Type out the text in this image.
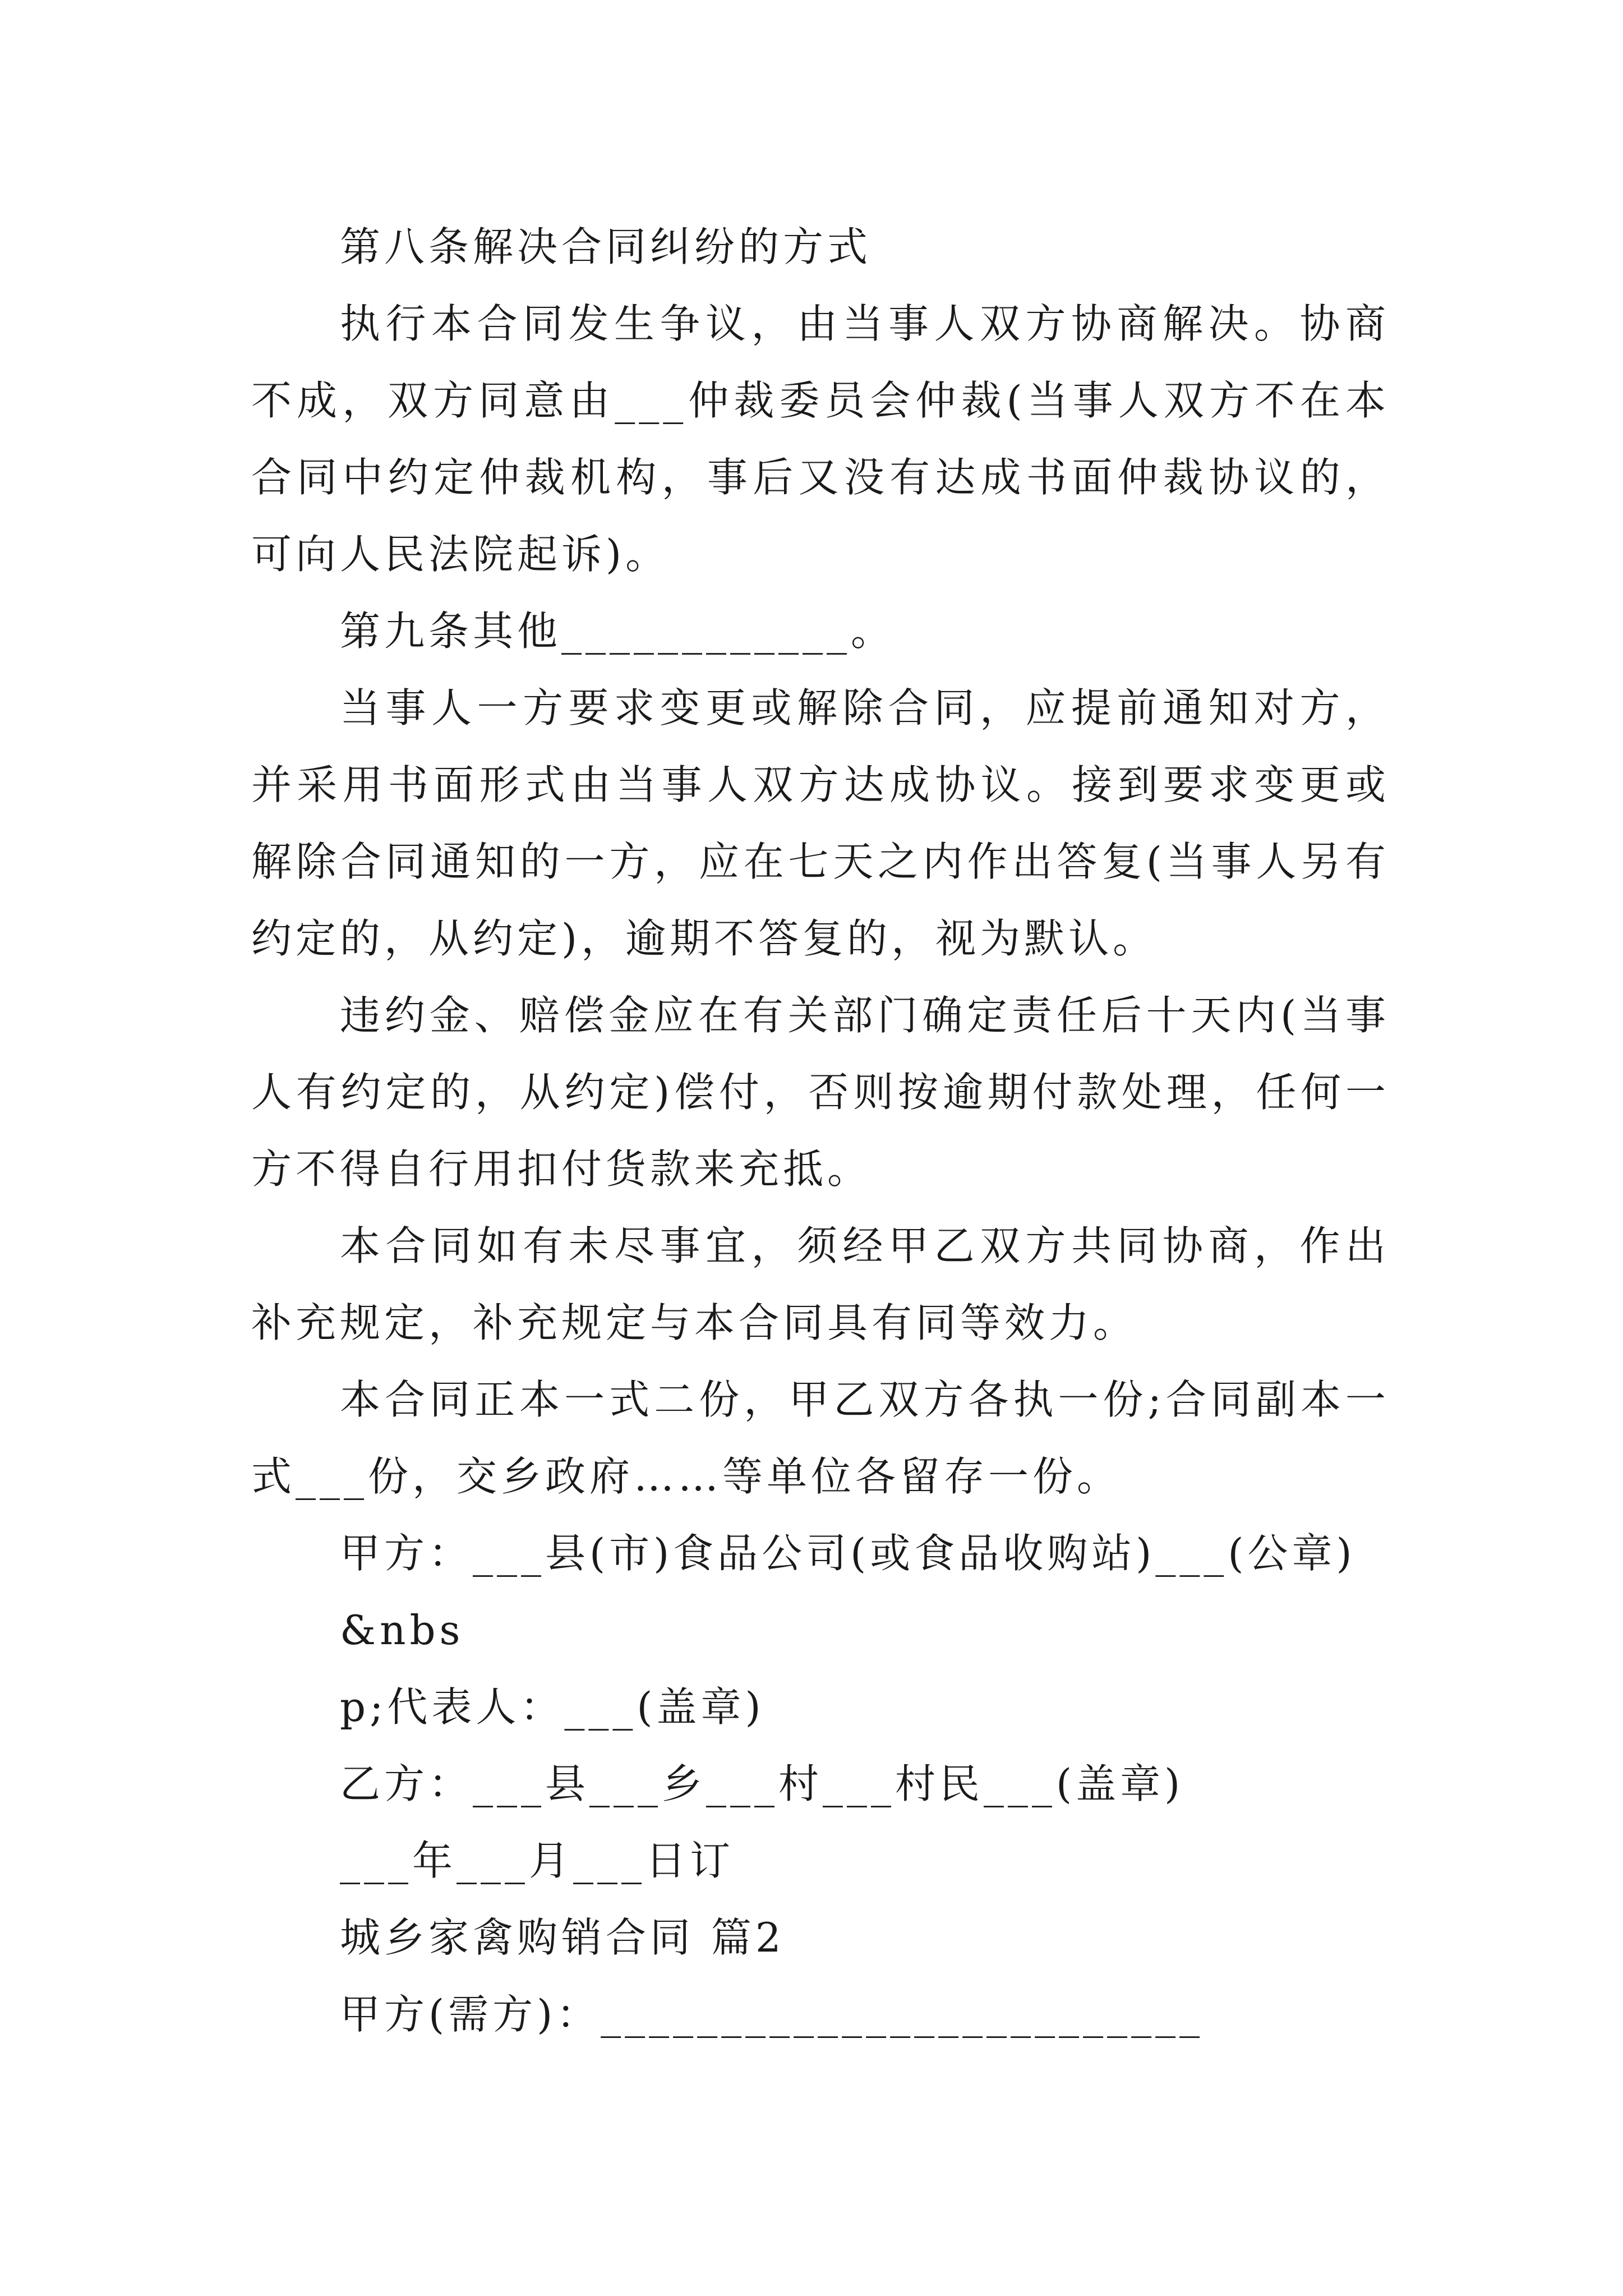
第八条解决合同纠纷的方式

执行本合同发生争议，由当事人双方协商解决。协商不成，双方同意由___仲裁委员会仲裁(当事人双方不在本合同中约定仲裁机构，事后又没有达成书面仲裁协议的，可向人民法院起诉)。

第九条其他____________。

当事人一方要求变更或解除合同，应提前通知对方，并采用书面形式由当事人双方达成协议。接到要求变更或解除合同通知的一方，应在七天之内作出答复(当事人另有约定的，从约定)，逾期不答复的，视为默认。

违约金、赔偿金应在有关部门确定责任后十天内(当事人有约定的，从约定)偿付，否则按逾期付款处理，任何一方不得自行用扣付货款来充抵。

本合同如有未尽事宜，须经甲乙双方共同协商，作出补充规定，补充规定与本合同具有同等效力。

本合同正本一式二份，甲乙双方各执一份;合同副本一式___份，交乡政府……等单位各留存一份。

甲方：___县(市)食品公司(或食品收购站)___(公章)

&nbs

p;代表人：___(盖章)

乙方：___县___乡___村___村民___(盖章)

___年___月___日订

城乡家禽购销合同 篇2

甲方(需方)：_________________________
